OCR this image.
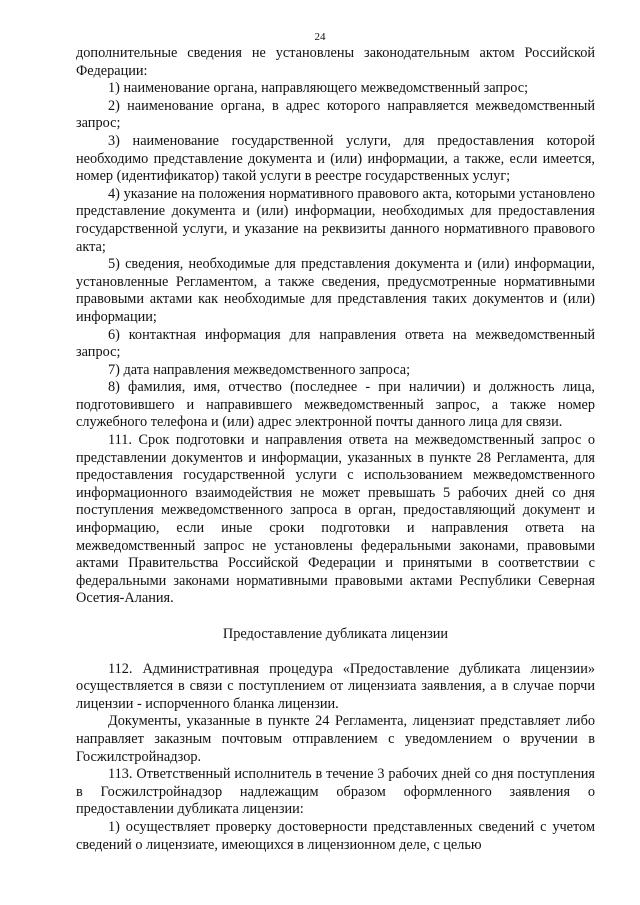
24

дополнительные сведения не установлены законодательным актом Российской Федерации:

1) наименование органа, направляющего межведомственный запрос;

2) наименование органа, в адрес которого направляется межведомственный запрос;

3) наименование государственной услуги, для предоставления которой необходимо представление документа и (или) информации, а также, если имеется, номер (идентификатор) такой услуги в реестре государственных услуг;

4) указание на положения нормативного правового акта, которыми установлено представление документа и (или) информации, необходимых для предоставления государственной услуги, и указание на реквизиты данного нормативного правового акта;

5) сведения, необходимые для представления документа и (или) информации, установленные Регламентом, а также сведения, предусмотренные нормативными правовыми актами как необходимые для представления таких документов и (или) информации;

6) контактная информация для направления ответа на межведомственный запрос;

7) дата направления межведомственного запроса;

8) фамилия, имя, отчество (последнее - при наличии) и должность лица, подготовившего и направившего межведомственный запрос, а также номер служебного телефона и (или) адрес электронной почты данного лица для связи.

111. Срок подготовки и направления ответа на межведомственный запрос о представлении документов и информации, указанных в пункте 28 Регламента, для предоставления государственной услуги с использованием межведомственного информационного взаимодействия не может превышать 5 рабочих дней со дня поступления межведомственного запроса в орган, предоставляющий документ и информацию, если иные сроки подготовки и направления ответа на межведомственный запрос не установлены федеральными законами, правовыми актами Правительства Российской Федерации и принятыми в соответствии с федеральными законами нормативными правовыми актами Республики Северная Осетия-Алания.

Предоставление дубликата лицензии

112. Административная процедура «Предоставление дубликата лицензии» осуществляется в связи с поступлением от лицензиата заявления, а в случае порчи лицензии - испорченного бланка лицензии.

Документы, указанные в пункте 24 Регламента, лицензиат представляет либо направляет заказным почтовым отправлением с уведомлением о вручении в Госжилстройнадзор.

113. Ответственный исполнитель в течение 3 рабочих дней со дня поступления в Госжилстройнадзор надлежащим образом оформленного заявления о предоставлении дубликата лицензии:

1) осуществляет проверку достоверности представленных сведений с учетом сведений о лицензиате, имеющихся в лицензионном деле, с целью
